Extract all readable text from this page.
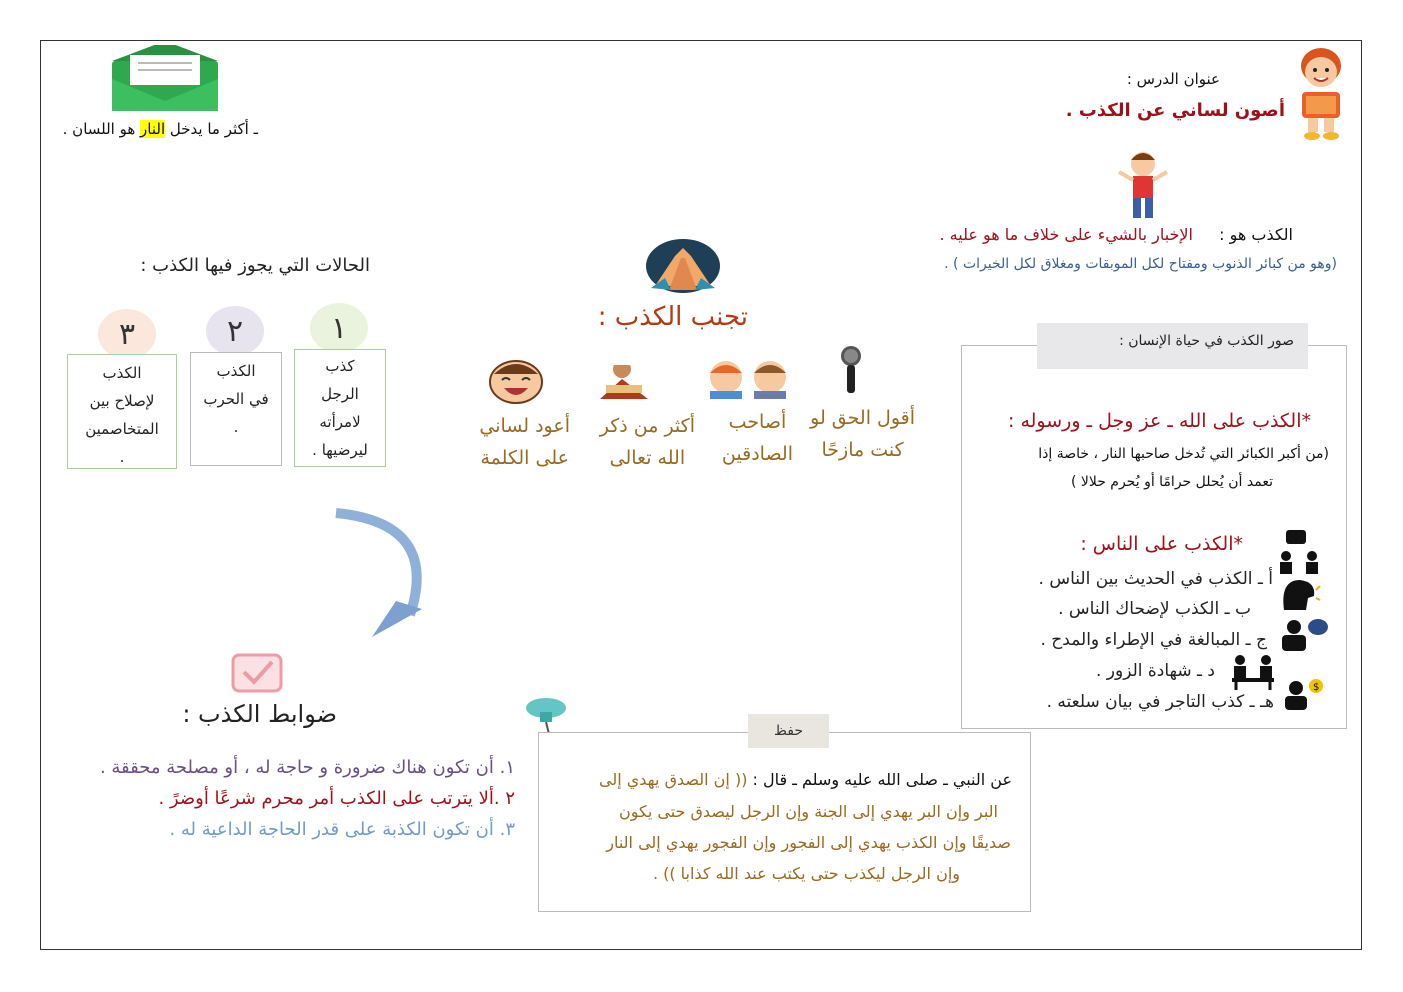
عنوان الدرس :
أصون لساني عن الكذب .
ـ أكثر ما يدخل النار هو اللسان .
الكذب هو :
الإخبار بالشيء على خلاف ما هو عليه .
(وهو من كبائر الذنوب ومفتاح لكل الموبقات ومغلاق لكل الخيرات ) .
تجنب الكذب :
أقول الحق لو
كنت مازحًا
أصاحب
الصادقين
أكثر من ذكر
الله تعالى
أعود لساني
على الكلمة
الحالات التي يجوز فيها الكذب :
١
٢
٣
كذب
الرجل
لامرأته
ليرضيها .
الكذب
في الحرب
.
الكذب
لإصلاح بين
المتخاصمين
.
ضوابط الكذب :
١. أن تكون هناك ضرورة و حاجة له ، أو مصلحة محققة .
٢ .ألا يترتب على الكذب أمر محرم شرعًا أوضرً .
٣. أن تكون الكذبة على قدر الحاجة الداعية له .
صور الكذب في حياة الإنسان :
*الكذب على الله ـ عز وجل ـ ورسوله :
(من أكبر الكبائر التي تُدخل صاحبها النار ، خاصة إذا
تعمد أن يُحلل حرامًا أو يُحرم حلالا )
*الكذب على الناس :
$
أ ـ الكذب في الحديث بين الناس .
ب ـ الكذب لإضحاك الناس .
ج ـ المبالغة في الإطراء والمدح .
د ـ شهادة الزور .
هـ ـ كذب التاجر في بيان سلعته .
حفظ
عن النبي ـ صلى الله عليه وسلم ـ قال : (( إن الصدق يهدي إلى
البر وإن البر يهدي إلى الجنة وإن الرجل ليصدق حتى يكون
صديقًا وإن الكذب يهدي إلى الفجور وإن الفجور يهدي إلى النار
وإن الرجل ليكذب حتى يكتب عند الله كذابا )) .
